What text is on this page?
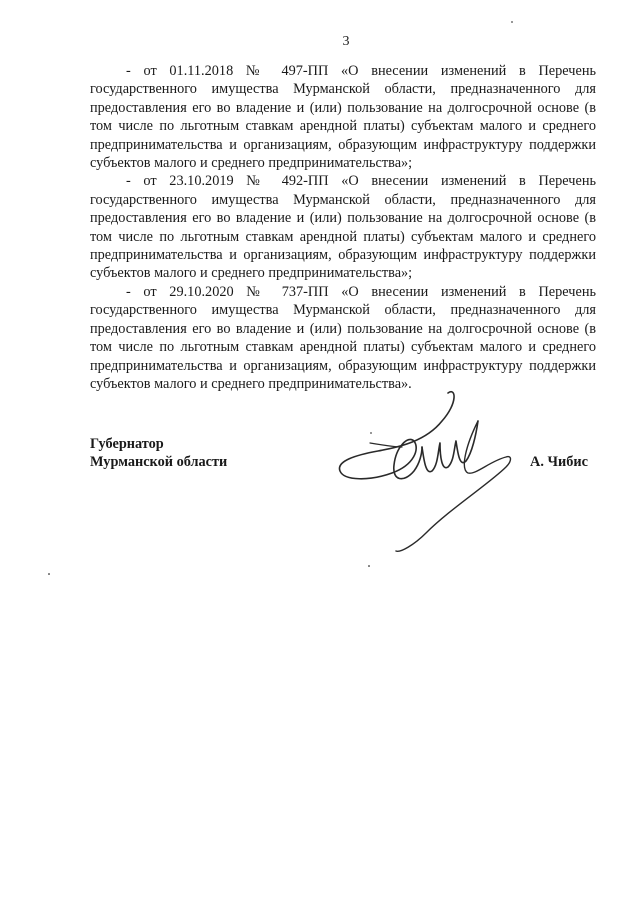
3

- от 01.11.2018 № 497-ПП «О внесении изменений в Перечень государственного имущества Мурманской области, предназначенного для предоставления его во владение и (или) пользование на долгосрочной основе (в том числе по льготным ставкам арендной платы) субъектам малого и среднего предпринимательства и организациям, образующим инфраструктуру поддержки субъектов малого и среднего предпринимательства»;

- от 23.10.2019 № 492-ПП «О внесении изменений в Перечень государственного имущества Мурманской области, предназначенного для предоставления его во владение и (или) пользование на долгосрочной основе (в том числе по льготным ставкам арендной платы) субъектам малого и среднего предпринимательства и организациям, образующим инфраструктуру поддержки субъектов малого и среднего предпринимательства»;

- от 29.10.2020 № 737-ПП «О внесении изменений в Перечень государственного имущества Мурманской области, предназначенного для предоставления его во владение и (или) пользование на долгосрочной основе (в том числе по льготным ставкам арендной платы) субъектам малого и среднего предпринимательства и организациям, образующим инфраструктуру поддержки субъектов малого и среднего предпринимательства».

Губернатор
Мурманской области	А. Чибис
